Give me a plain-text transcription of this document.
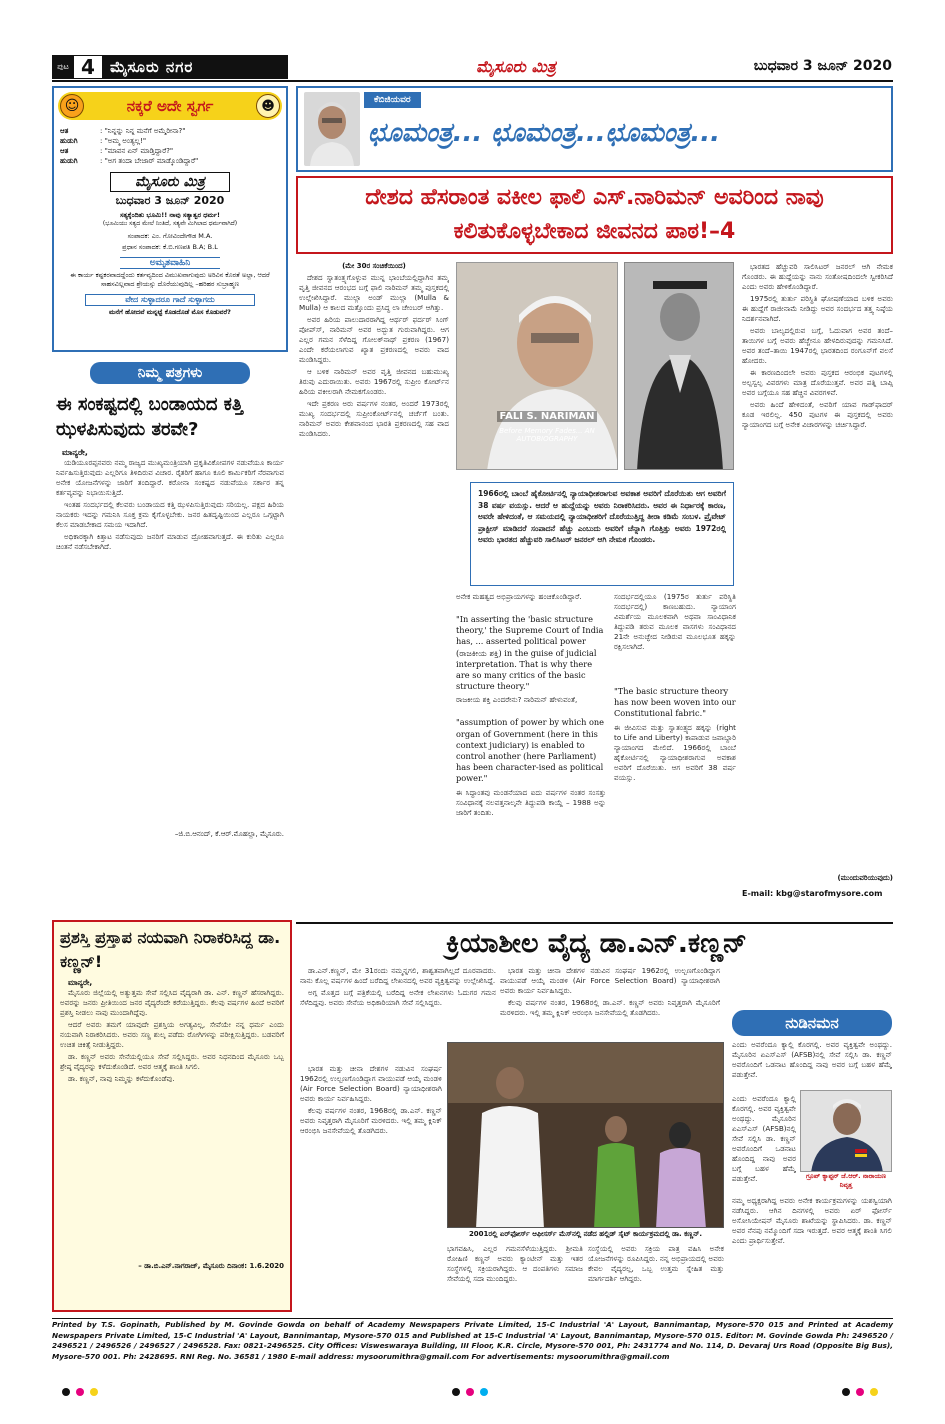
ಪುಟ 4	ಮೈಸೂರು ನಗರ	ಮೈಸೂರು ಮಿತ್ರ	ಬುಧವಾರ 3 ಜೂನ್ 2020
☺	ನಕ್ಕರೆ ಅದೇ ಸ್ವರ್ಗ	☻
ಆತ	: "ನಿನ್ನನ್ನು ನಿನ್ನ ಮನೆಗೆ ಅಮ್ಮೆರೀನಾ?"
ಹುಡುಗಿ	: "ಅಮ್ಮ ಅಂತ್ಯಲ್ಲ!"
ಆತ	: "ಮಾವನ ಏನ್ ಮಾಡ್ತಿದ್ದಾರೆ?"
ಹುಡುಗಿ	: "ಅಗ ತಂದಾ ಬೇಜಾರ್ ಮಾಡ್ಕೊಂಡಿದ್ದಾರೆ"
ಮೈಸೂರು ಮಿತ್ರ
ಬುಧವಾರ 3 ಜೂನ್ 2020
ಸತ್ಯಕ್ಕೆಂದಿತು ಭೂಮಿ!! ನಾವು ಸತ್ಯಾತ್ವರ ಧರ್ಮ!
(ಭೂಮಿಯು ಸತ್ಯದ ಮೇಲೆ ನಿಂತಿದೆ, ಸತ್ಯವೇ ಮಿಗಿಲಾದ ಧರ್ಮವಾಗಿದೆ)
ಸಂಪಾದಕ: ಎಂ. ಗೋವಿಂದೇಗೌಡ M.A.
ಪ್ರಧಾನ ಸಂಪಾದಕ: ಕೆ.ಬಿ.ಗಣಪತಿ B.A; B.L
ಅಮೃತವಾಹಿನಿ
ಈ ಕಾರ್ಯ ಕಷ್ಟಕರವಾದದ್ದೆಂದು ಕರ್ತವ್ಯದಿಂದ ವಿಮುಖವಾಗುವುದು ಅರಿವಿನ ಕೊರತೆ ಅಲ್ಲಾ, ಆದರೆ ಸಾಹಸವಿಲ್ಲವಾದ ಶ್ರೇಯಸ್ಸು ದೊರೆಯುವುದಿಲ್ಲ –ಹರಿಹರ ಸುಬ್ರಾಹ್ಮಣ
ವೇದ ಸುಳ್ಳಾದರೂ ಗಾದೆ ಸುಳ್ಳಾಗದು
ಮನೆಗೆ ಹೋದವೆ ಮನ್ನಟ್ಟೆ ಕೊಡದೊಡೆ ಮೊಸ ಕೊಡುವರೆ?
ನಿಮ್ಮ ಪತ್ರಗಳು
ಈ ಸಂಕಷ್ಟದಲ್ಲಿ ಬಂಡಾಯದ ಕತ್ತಿ ಝಳಪಿಸುವುದು ತರವೇ?
ಮಾನ್ಯರೇ,

ಯಡಿಯೂರಪ್ಪನವರು ನಮ್ಮ ರಾಜ್ಯದ ಮುಖ್ಯಮಂತ್ರಿಯಾಗಿ ಪ್ರಕೃತಿವಿಕೋಪಗಳ ನಡುವೆಯೂ ಕಾರ್ಯ ನಿರ್ವಹಿಸುತ್ತಿರುವುದು ಎಲ್ಲರಿಗೂ ತಿಳಿದಿರುವ ವಿಚಾರ. ರೈತರಿಗೆ ಹಾಗೂ ಕೂಲಿ ಕಾರ್ಮಿಕರಿಗೆ ನೆರವಾಗುವ ಅನೇಕ ಯೋಜನೆಗಳನ್ನು ಜಾರಿಗೆ ತಂದಿದ್ದಾರೆ. ಕರೋನಾ ಸಂಕಷ್ಟದ ನಡುವೆಯೂ ಸರ್ಕಾರ ತನ್ನ ಕರ್ತವ್ಯವನ್ನು ನಿಭಾಯಿಸುತ್ತಿದೆ.

ಇಂತಹ ಸಂದರ್ಭದಲ್ಲಿ ಕೆಲವರು ಬಂಡಾಯದ ಕತ್ತಿ ಝಳಪಿಸುತ್ತಿರುವುದು ಸರಿಯಲ್ಲ. ಪಕ್ಷದ ಹಿರಿಯ ನಾಯಕರು ಇದನ್ನು ಗಮನಿಸಿ ಸೂಕ್ತ ಕ್ರಮ ಕೈಗೊಳ್ಳಬೇಕು. ಜನರ ಹಿತದೃಷ್ಟಿಯಿಂದ ಎಲ್ಲರೂ ಒಗ್ಗಟ್ಟಾಗಿ ಕೆಲಸ ಮಾಡಬೇಕಾದ ಸಮಯ ಇದಾಗಿದೆ.

ಅಧಿಕಾರಕ್ಕಾಗಿ ಕಿತ್ತಾಟ ನಡೆಸುವುದು ಜನರಿಗೆ ಮಾಡುವ ದ್ರೋಹವಾಗುತ್ತದೆ. ಈ ಕುರಿತು ಎಲ್ಲರೂ ಚಿಂತನೆ ನಡೆಸಬೇಕಾಗಿದೆ.

–ಜಿ.ಬಿ.ಆನಂದ್, ಕೆ.ಆರ್.ಮೊಹಲ್ಲಾ, ಮೈಸೂರು.
ಕೆಬಿಜಿಯವರ
ಛೂಮಂತ್ರ... ಛೂಮಂತ್ರ...ಛೂಮಂತ್ರ...
ದೇಶದ ಹೆಸರಾಂತ ವಕೀಲ ಫಾಲಿ ಎಸ್.ನಾರಿಮನ್ ಅವರಿಂದ ನಾವು ಕಲಿತುಕೊಳ್ಳಬೇಕಾದ ಜೀವನದ ಪಾಠ!–4
(ಮೇ 30ರ ಸಂಚಿಕೆಯಿಂದ)

ದೇಶದ ಸ್ವಾತಂತ್ರ್ಯಗೊಳ್ಳುವ ಮುನ್ನ ಭಾಂಬೆಯಲ್ಲಿದ್ದಾಗಿನ ತಮ್ಮ ವೃತ್ತಿ ಜೀವನದ ಆರಂಭದ ಬಗ್ಗೆ ಫಾಲಿ ನಾರಿಮನ್ ತಮ್ಮ ಪುಸ್ತಕದಲ್ಲಿ ಉಲ್ಲೇಖಿಸಿದ್ದಾರೆ. ಮುಲ್ಲಾ ಅಂಡ್ ಮುಲ್ಲಾ (Mulla & Mulla) ಆ ಕಾಲದ ಮತ್ತೊಂದು ಪ್ರಸಿದ್ಧ ಲಾ ಚೇಂಬರ್ ಆಗಿತ್ತು.

ಅವರ ಹಿರಿಯ ಪಾಲುದಾರರಾಗಿದ್ದ ಆರ್ಥರ್ ಫರ್ದರ್ ಸಿಂಗ್ ಪೋಪ್‌ಸ್, ನಾರಿಮನ್ ಅವರ ಅದ್ಭುತ ಗುರುವಾಗಿದ್ದರು. ಆಗ ಎಲ್ಲರ ಗಮನ ಸೆಳೆದಿದ್ದ ಗೋಲಕ್‌ನಾಥ್ ಪ್ರಕರಣ (1967) ಎಂದೇ ಕರೆಯಲಾಗುವ ಖ್ಯಾತ ಪ್ರಕರಣದಲ್ಲಿ ಅವರು ವಾದ ಮಂಡಿಸಿದ್ದರು.

ಆ ಬಳಿಕ ನಾರಿಮನ್ ಅವರ ವೃತ್ತಿ ಜೀವನದ ಬಹುಮುಖ್ಯ ತಿರುವು ಎದುರಾಯಿತು. ಅವರು 1967ರಲ್ಲಿ ಸುಪ್ರೀಂ ಕೋರ್ಟ್‌ನ ಹಿರಿಯ ವಕೀಲರಾಗಿ ನೇಮಕಗೊಂಡರು.

ಇದೇ ಪ್ರಕರಣ ಅರು ವರ್ಷಗಳ ನಂತರ, ಅಂದರೆ 1973ರಲ್ಲಿ ಮುಖ್ಯ ಸಂದರ್ಭದಲ್ಲಿ ಸುಪ್ರೀಂಕೋರ್ಟ್‌ನಲ್ಲಿ ಚರ್ಚೆಗೆ ಬಂತು. ನಾರಿಮನ್ ಅವರು ಕೇಶವಾನಂದ ಭಾರತಿ ಪ್ರಕರಣದಲ್ಲಿ ಸಹ ವಾದ ಮಂಡಿಸಿದರು.

FALI S. NARIMAN
Before Memory Fades... AN AUTOBIOGRAPHY
1966ರಲ್ಲಿ ಬಾಂಬೆ ಹೈಕೋರ್ಟಿನಲ್ಲಿ ನ್ಯಾಯಾಧೀಶರಾಗುವ ಅವಕಾಶ ಅವರಿಗೆ ದೊರೆಯಿತು ಆಗ ಅವರಿಗೆ 38 ವರ್ಷ ವಯಸ್ಸು. ಆದರೆ ಆ ಹುದ್ದೆಯನ್ನು ಅವರು ನಿರಾಕರಿಸಿದರು. ಅವರ ಈ ನಿರ್ಧಾರಕ್ಕೆ ಕಾರಣ, ಅವರೇ ಹೇಳಿದಂತೆ, ಆ ಸಮಯದಲ್ಲಿ ನ್ಯಾಯಾಧೀಶರಿಗೆ ದೊರೆಯುತ್ತಿದ್ದ ತೀರಾ ಕಡಿಮೆ ಸಂಬಳ. ಪ್ರೈವೇಟ್ ಪ್ರಾಕ್ಟೀಸ್ ಮಾಡಿದರೆ ಸಂಪಾದನೆ ಹೆಚ್ಚು ಎಂಬುದು ಅವರಿಗೆ ಚೆನ್ನಾಗಿ ಗೊತ್ತಿತ್ತು ಅವರು 1972ರಲ್ಲಿ ಅವರು ಭಾರತದ ಹೆಚ್ಚುವರಿ ಸಾಲಿಸಿಟರ್ ಜನರಲ್ ಆಗಿ ನೇಮಕ ಗೊಂಡರು.
ಅನೇಕ ಮಹತ್ವದ ಅಭಿಪ್ರಾಯಗಳನ್ನು ಹಂಚಿಕೊಂಡಿದ್ದಾರೆ.
"In asserting the 'basic structure theory,' the Supreme Court of India has, ... asserted political power (ರಾಜಕೀಯ ಶಕ್ತಿ) in the guise of judicial interpretation. That is why there are so many critics of the basic structure theory."
ರಾಜಕೀಯ ಶಕ್ತಿ ಎಂದರೇನು? ನಾರಿಮನ್ ಹೇಳುವಂತೆ,
"assumption of power by which one organ of Government (here in this context judiciary) is enabled to control another (here Parliament) has been character-ised as political power."
ಈ ಸಿದ್ಧಾಂತವು ಮಂಡನೆಯಾದ ಐದು ವರ್ಷಗಳ ನಂತರ ಸಂಸತ್ತು ಸಂವಿಧಾನಕ್ಕೆ ನಲವತ್ತನಾಲ್ಕನೇ ತಿದ್ದುಪಡಿ ಕಾಯ್ದೆ – 1988 ಅನ್ನು ಜಾರಿಗೆ ತಂದಿತು.
ಸಂದರ್ಭದಲ್ಲಿಯೂ (1975ರ ತುರ್ತು ಪರಿಸ್ಥಿತಿ ಸಂದರ್ಭದಲ್ಲಿ) ಕಾಣಬಹುದು. ನ್ಯಾಯಾಂಗ ವಿಮರ್ಶೆಯ ಮೂಲಕವಾಗಿ ಅಥವಾ ಸಾಂವಿಧಾನಿಕ ತಿದ್ದುಪಡಿ ತರುವ ಮೂಲಕ ವಾಸಗಳು ಸಂವಿಧಾನದ 21ನೇ ಅನುಚ್ಛೇದ ನೀಡಿರುವ ಮೂಲಭೂತ ಹಕ್ಕನ್ನು ರಕ್ಷಿಸಲಾಗಿದೆ.
"The basic structure theory has now been woven into our Constitutional fabric."
ಈ ಜೀವಿಸುವ ಮತ್ತು ಸ್ವಾತಂತ್ರ್ಯದ ಹಕ್ಕನ್ನು (right to Life and Liberty) ಕಾಪಾಡುವ ಜವಾಬ್ದಾರಿ ನ್ಯಾಯಾಂಗದ ಮೇಲಿದೆ. 1966ರಲ್ಲಿ ಬಾಂಬೆ ಹೈಕೋರ್ಟಿನಲ್ಲಿ ನ್ಯಾಯಾಧೀಶರಾಗುವ ಅವಕಾಶ ಅವರಿಗೆ ದೊರೆಯಿತು. ಆಗ ಅವರಿಗೆ 38 ವರ್ಷ ವಯಸ್ಸು.

ಭಾರತದ ಹೆಚ್ಚುವರಿ ಸಾಲಿಸಿಟರ್ ಜನರಲ್ ಆಗಿ ನೇಮಕ ಗೊಂಡರು. ಈ ಹುದ್ದೆಯನ್ನು ನಾನು ಸಂತೋಷದಿಂದಲೇ ಸ್ವೀಕರಿಸಿದೆ ಎಂದು ಅವರು ಹೇಳಿಕೊಂಡಿದ್ದಾರೆ.

1975ರಲ್ಲಿ ತುರ್ತು ಪರಿಸ್ಥಿತಿ ಘೋಷಣೆಯಾದ ಬಳಿಕ ಅವರು ಈ ಹುದ್ದೆಗೆ ರಾಜೀನಾಮೆ ನೀಡಿದ್ದು ಅವರ ಸಂದರ್ಭದ ತತ್ತ್ವ ನಿಷ್ಠೆಯ ನಿದರ್ಶನವಾಗಿದೆ.

ಅವರು ಬಾಲ್ಯದಲ್ಲಿರುವ ಬಗ್ಗೆ, ಓದುವಾಗ ಅವರ ತಂದೆ–ತಾಯಿಗಳ ಬಗ್ಗೆ ಅವರು ಹೆಚ್ಚೇನೂ ಹೇಳದಿರುವುದನ್ನು ಗಮನಿಸಿದೆ. ಅವರ ತಂದೆ–ತಾಯಿ 1947ರಲ್ಲಿ ಭಾರತದಿಂದ ರಂಗೂನ್‌ಗೆ ವಲಸೆ ಹೋದರು.

ಈ ಕಾರಣದಿಂದಲೇ ಅವರು ಪುಸ್ತಕದ ಆರಂಭಿಕ ಪುಟಗಳಲ್ಲಿ ಅಲ್ಪಸ್ವಲ್ಪ ವಿವರಗಳು ಮಾತ್ರ ದೊರೆಯುತ್ತವೆ. ಅವರ ಪತ್ನಿ ಬಾಪ್ಸಿ ಅವರ ಬಗ್ಗೆಯೂ ಸಹ ಹೆಚ್ಚಿನ ವಿವರಗಳಿವೆ.

ಅವರು ಹಿಂದೆ ಹೇಳಿದಂತೆ, ಅವರಿಗೆ ಯಾವ ಗಾಡ್‌ಫಾದರ್ ಕೂಡ ಇರಲಿಲ್ಲ. 450 ಪುಟಗಳ ಈ ಪುಸ್ತಕದಲ್ಲಿ ಅವರು ನ್ಯಾಯಾಂಗದ ಬಗ್ಗೆ ಅನೇಕ ವಿಚಾರಗಳನ್ನು ಚರ್ಚಿಸಿದ್ದಾರೆ.

(ಮುಂದುವರಿಯುವುದು)
E-mail: kbg@starofmysore.com
ಪ್ರಶಸ್ತಿ ಪ್ರಸ್ತಾಪ ನಯವಾಗಿ ನಿರಾಕರಿಸಿದ್ದ ಡಾ. ಕಣ್ಣನ್!
ಮಾನ್ಯರೇ,

ಮೈಸೂರು ಜಿಲ್ಲೆಯಲ್ಲಿ ಅತ್ಯುತ್ತಮ ಸೇವೆ ಸಲ್ಲಿಸಿದ ವೈದ್ಯರಾಗಿ ಡಾ. ಎನ್. ಕಣ್ಣನ್ ಹೆಸರಾಗಿದ್ದರು. ಅವರನ್ನು ಜನರು ಪ್ರೀತಿಯಿಂದ ಜನರ ವೈದ್ಯರೆಂದೇ ಕರೆಯುತ್ತಿದ್ದರು. ಕೆಲವು ವರ್ಷಗಳ ಹಿಂದೆ ಅವರಿಗೆ ಪ್ರಶಸ್ತಿ ನೀಡಲು ನಾವು ಮುಂದಾಗಿದ್ದೆವು.

ಆದರೆ ಅವರು ತಮಗೆ ಯಾವುದೇ ಪ್ರಶಸ್ತಿಯ ಅಗತ್ಯವಿಲ್ಲ, ಸೇವೆಯೇ ನನ್ನ ಧರ್ಮ ಎಂದು ನಯವಾಗಿ ನಿರಾಕರಿಸಿದರು. ಅವರು ಸಣ್ಣ ಶುಲ್ಕ ಪಡೆದು ರೋಗಿಗಳನ್ನು ಪರೀಕ್ಷಿಸುತ್ತಿದ್ದರು. ಬಡವರಿಗೆ ಉಚಿತ ಚಿಕಿತ್ಸೆ ನೀಡುತ್ತಿದ್ದರು.

ಡಾ. ಕಣ್ಣನ್ ಅವರು ಸೇನೆಯಲ್ಲಿಯೂ ಸೇವೆ ಸಲ್ಲಿಸಿದ್ದರು. ಅವರ ನಿಧನದಿಂದ ಮೈಸೂರು ಒಬ್ಬ ಶ್ರೇಷ್ಠ ವೈದ್ಯರನ್ನು ಕಳೆದುಕೊಂಡಿದೆ. ಅವರ ಆತ್ಮಕ್ಕೆ ಶಾಂತಿ ಸಿಗಲಿ.

ಡಾ. ಕಣ್ಣನ್, ನಾವು ನಿಮ್ಮನ್ನು ಕಳೆದುಕೊಂಡೆವು.

– ಡಾ.ಬಿ.ಎನ್.ನಾಗರಾಜ್, ಮೈಸೂರು ದಿನಾಂಕ: 1.6.2020
ಕ್ರಿಯಾಶೀಲ ವೈದ್ಯ ಡಾ.ಎನ್.ಕಣ್ಣನ್

ಡಾ.ಎನ್.ಕಣ್ಣನ್, ಮೇ 31ರಂದು ನಮ್ಮನ್ನಗಲಿ, ಶಾಶ್ವತವಾಗಿಲ್ಲದೆ ದೂರವಾದರು. ನಾನು ಕೊಲ್ಲ ವರ್ಷಗಳ ಹಿಂದೆ ಬರೆದಿದ್ದ ಲೇಖನದಲ್ಲಿ ಅವರ ವ್ಯಕ್ತಿತ್ವವನ್ನು ಉಲ್ಲೇಖಿಸಿದ್ದೆ.

ಅಗ್ಗ ಮೊತ್ತದ ಬಗ್ಗೆ ಪತ್ರಿಕೆಯಲ್ಲಿ ಬರೆದಿದ್ದ ಅನೇಕ ಲೇಖನಗಳು ಓದುಗರ ಗಮನ ಸೆಳೆದಿದ್ದವು. ಅವರು ಸೇನೆಯ ಅಧಿಕಾರಿಯಾಗಿ ಸೇವೆ ಸಲ್ಲಿಸಿದ್ದರು.

ಭಾರತ ಮತ್ತು ಚೀನಾ ದೇಶಗಳ ನಡುವಿನ ಸಂಘರ್ಷ 1962ರಲ್ಲಿ ಉಲ್ಬಣಗೊಂಡಿದ್ದಾಗ ವಾಯುಪಡೆ ಆಯ್ಕೆ ಮಂಡಳಿ (Air Force Selection Board) ನ್ಯಾಯಾಧೀಶರಾಗಿ ಅವರು ಕಾರ್ಯ ನಿರ್ವಹಿಸಿದ್ದರು.

ಕೆಲವು ವರ್ಷಗಳ ನಂತರ, 1968ರಲ್ಲಿ ಡಾ.ಎನ್. ಕಣ್ಣನ್ ಅವರು ನಿವೃತ್ತರಾಗಿ ಮೈಸೂರಿಗೆ ಮರಳಿದರು. ಇಲ್ಲಿ ತಮ್ಮ ಕ್ಲಿನಿಕ್ ಆರಂಭಿಸಿ ಜನಸೇವೆಯಲ್ಲಿ ತೊಡಗಿದರು.

2001ರಲ್ಲಿ ಏರ್‌ಫೋರ್ಸ್ ಆಫೀಸರ್ಸ್ ಮೆಸ್‌ನಲ್ಲಿ ನಡೆದ ಹಲ್ಲಿಡ್ ಸೈಟ್ ಕಾರ್ಯಕ್ರಮದಲ್ಲಿ ಡಾ. ಕಣ್ಣನ್.

ಭಾರತ ಮತ್ತು ಚೀನಾ ದೇಶಗಳ ನಡುವಿನ ಸಂಘರ್ಷ 1962ರಲ್ಲಿ ಉಲ್ಬಣಗೊಂಡಿದ್ದಾಗ ವಾಯುಪಡೆ ಆಯ್ಕೆ ಮಂಡಳಿ (Air Force Selection Board) ನ್ಯಾಯಾಧೀಶರಾಗಿ ಅವರು ಕಾರ್ಯ ನಿರ್ವಹಿಸಿದ್ದರು.

ಕೆಲವು ವರ್ಷಗಳ ನಂತರ, 1968ರಲ್ಲಿ ಡಾ.ಎನ್. ಕಣ್ಣನ್ ಅವರು ನಿವೃತ್ತರಾಗಿ ಮೈಸೂರಿಗೆ ಮರಳಿದರು. ಇಲ್ಲಿ ತಮ್ಮ ಕ್ಲಿನಿಕ್ ಆರಂಭಿಸಿ ಜನಸೇವೆಯಲ್ಲಿ ತೊಡಗಿದರು.

ಭಾಗವಹಿಸಿ, ಎಲ್ಲರ ಗಮನಸೆಳೆಯುತ್ತಿದ್ದರು. ಶ್ರೀಮತಿ ರೋಹಿಣಿ ಕಣ್ಣನ್ ಅವರು ಕ್ಯಾಂಟೀನ್ ಮತ್ತು ಇತರ ಸಂಸ್ಥೆಗಳಲ್ಲಿ ಸಕ್ರಿಯರಾಗಿದ್ದರು. ಆ ದಂಪತಿಗಳು ಸಮಾಜ ಸೇವೆಯಲ್ಲಿ ಸದಾ ಮುಂದಿದ್ದರು.
ಸಂಸ್ಥೆಯಲ್ಲಿ ಅವರು ಸಕ್ರಿಯ ಪಾತ್ರ ವಹಿಸಿ ಅನೇಕ ಯೋಜನೆಗಳನ್ನು ರೂಪಿಸಿದ್ದರು. ನನ್ನ ಅಭಿಪ್ರಾಯದಲ್ಲಿ ಅವರು ಕೇವಲ ವೈದ್ಯರಲ್ಲ, ಒಬ್ಬ ಉತ್ತಮ ಸ್ನೇಹಿತ ಮತ್ತು ಮಾರ್ಗದರ್ಶಿ ಆಗಿದ್ದರು.
ನುಡಿನಮನ
ಎಂದು ಅವರೆಂದೂ ಕ್ಯಾಲ್ಲಿ ಕೊರಗಲ್ಲಿ. ಅವರ ವ್ಯಕ್ತಿತ್ವವೇ ಅಂಥದ್ದು. ಮೈಸೂರಿನ ಏಎಸ್‌ಎಸ್ (AFSB)ನಲ್ಲಿ ಸೇವೆ ಸಲ್ಲಿಸಿ ಡಾ. ಕಣ್ಣನ್ ಅವರೊಂದಿಗೆ ಒಡನಾಟ ಹೊಂದಿದ್ದ ನಾವು ಅವರ ಬಗ್ಗೆ ಬಹಳ ಹೆಮ್ಮೆ ಪಡುತ್ತೇವೆ.
ಗ್ರೂಪ್ ಕ್ಯಾಪ್ಟನ್ ಜೆ.ಆರ್. ನಾರಾಯಣ ನಿವೃತ್ತ
ನಮ್ಮ ಅಧ್ಯಕ್ಷರಾಗಿದ್ದ ಅವರು ಅನೇಕ ಕಾರ್ಯಕ್ರಮಗಳನ್ನು ಯಶಸ್ವಿಯಾಗಿ ನಡೆಸಿದ್ದರು. ಆಗಿನ ದಿನಗಳಲ್ಲಿ ಅವರು ಏರ್ ಫೋರ್ಸ್ ಅಸೋಸಿಯೇಷನ್ ಮೈಸೂರು ಶಾಖೆಯನ್ನು ಸ್ಥಾಪಿಸಿದರು. ಡಾ. ಕಣ್ಣನ್ ಅವರ ನೆನಪು ನಮ್ಮೊಂದಿಗೆ ಸದಾ ಇರುತ್ತದೆ. ಅವರ ಆತ್ಮಕ್ಕೆ ಶಾಂತಿ ಸಿಗಲಿ ಎಂದು ಪ್ರಾರ್ಥಿಸುತ್ತೇವೆ.
ಎಂದು ಅವರೆಂದೂ ಕ್ಯಾಲ್ಲಿ ಕೊರಗಲ್ಲಿ. ಅವರ ವ್ಯಕ್ತಿತ್ವವೇ ಅಂಥದ್ದು. ಮೈಸೂರಿನ ಏಎಸ್‌ಎಸ್ (AFSB)ನಲ್ಲಿ ಸೇವೆ ಸಲ್ಲಿಸಿ ಡಾ. ಕಣ್ಣನ್ ಅವರೊಂದಿಗೆ ಒಡನಾಟ ಹೊಂದಿದ್ದ ನಾವು ಅವರ ಬಗ್ಗೆ ಬಹಳ ಹೆಮ್ಮೆ ಪಡುತ್ತೇವೆ.
Printed by T.S. Gopinath, Published by M. Govinde Gowda on behalf of Academy Newspapers Private Limited, 15-C Industrial 'A' Layout, Bannimantap, Mysore-570 015 and Printed at Academy Newspapers Private Limited, 15-C Industrial 'A' Layout, Bannimantap, Mysore-570 015 and Published at 15-C Industrial 'A' Layout, Bannimantap, Mysore-570 015. Editor: M. Govinde Gowda Ph: 2496520 / 2496521 / 2496526 / 2496527 / 2496528. Fax: 0821-2496525. City Offices: Visweswaraya Building, III Floor, K.R. Circle, Mysore-570 001, Ph: 2431774 and No. 114, D. Devaraj Urs Road (Opposite Big Bus), Mysore-570 001. Ph: 2428695. RNI Reg. No. 36581 / 1980 E-mail address: mysoorumithra@gmail.com For advertisements: mysoorumithra@gmail.com
